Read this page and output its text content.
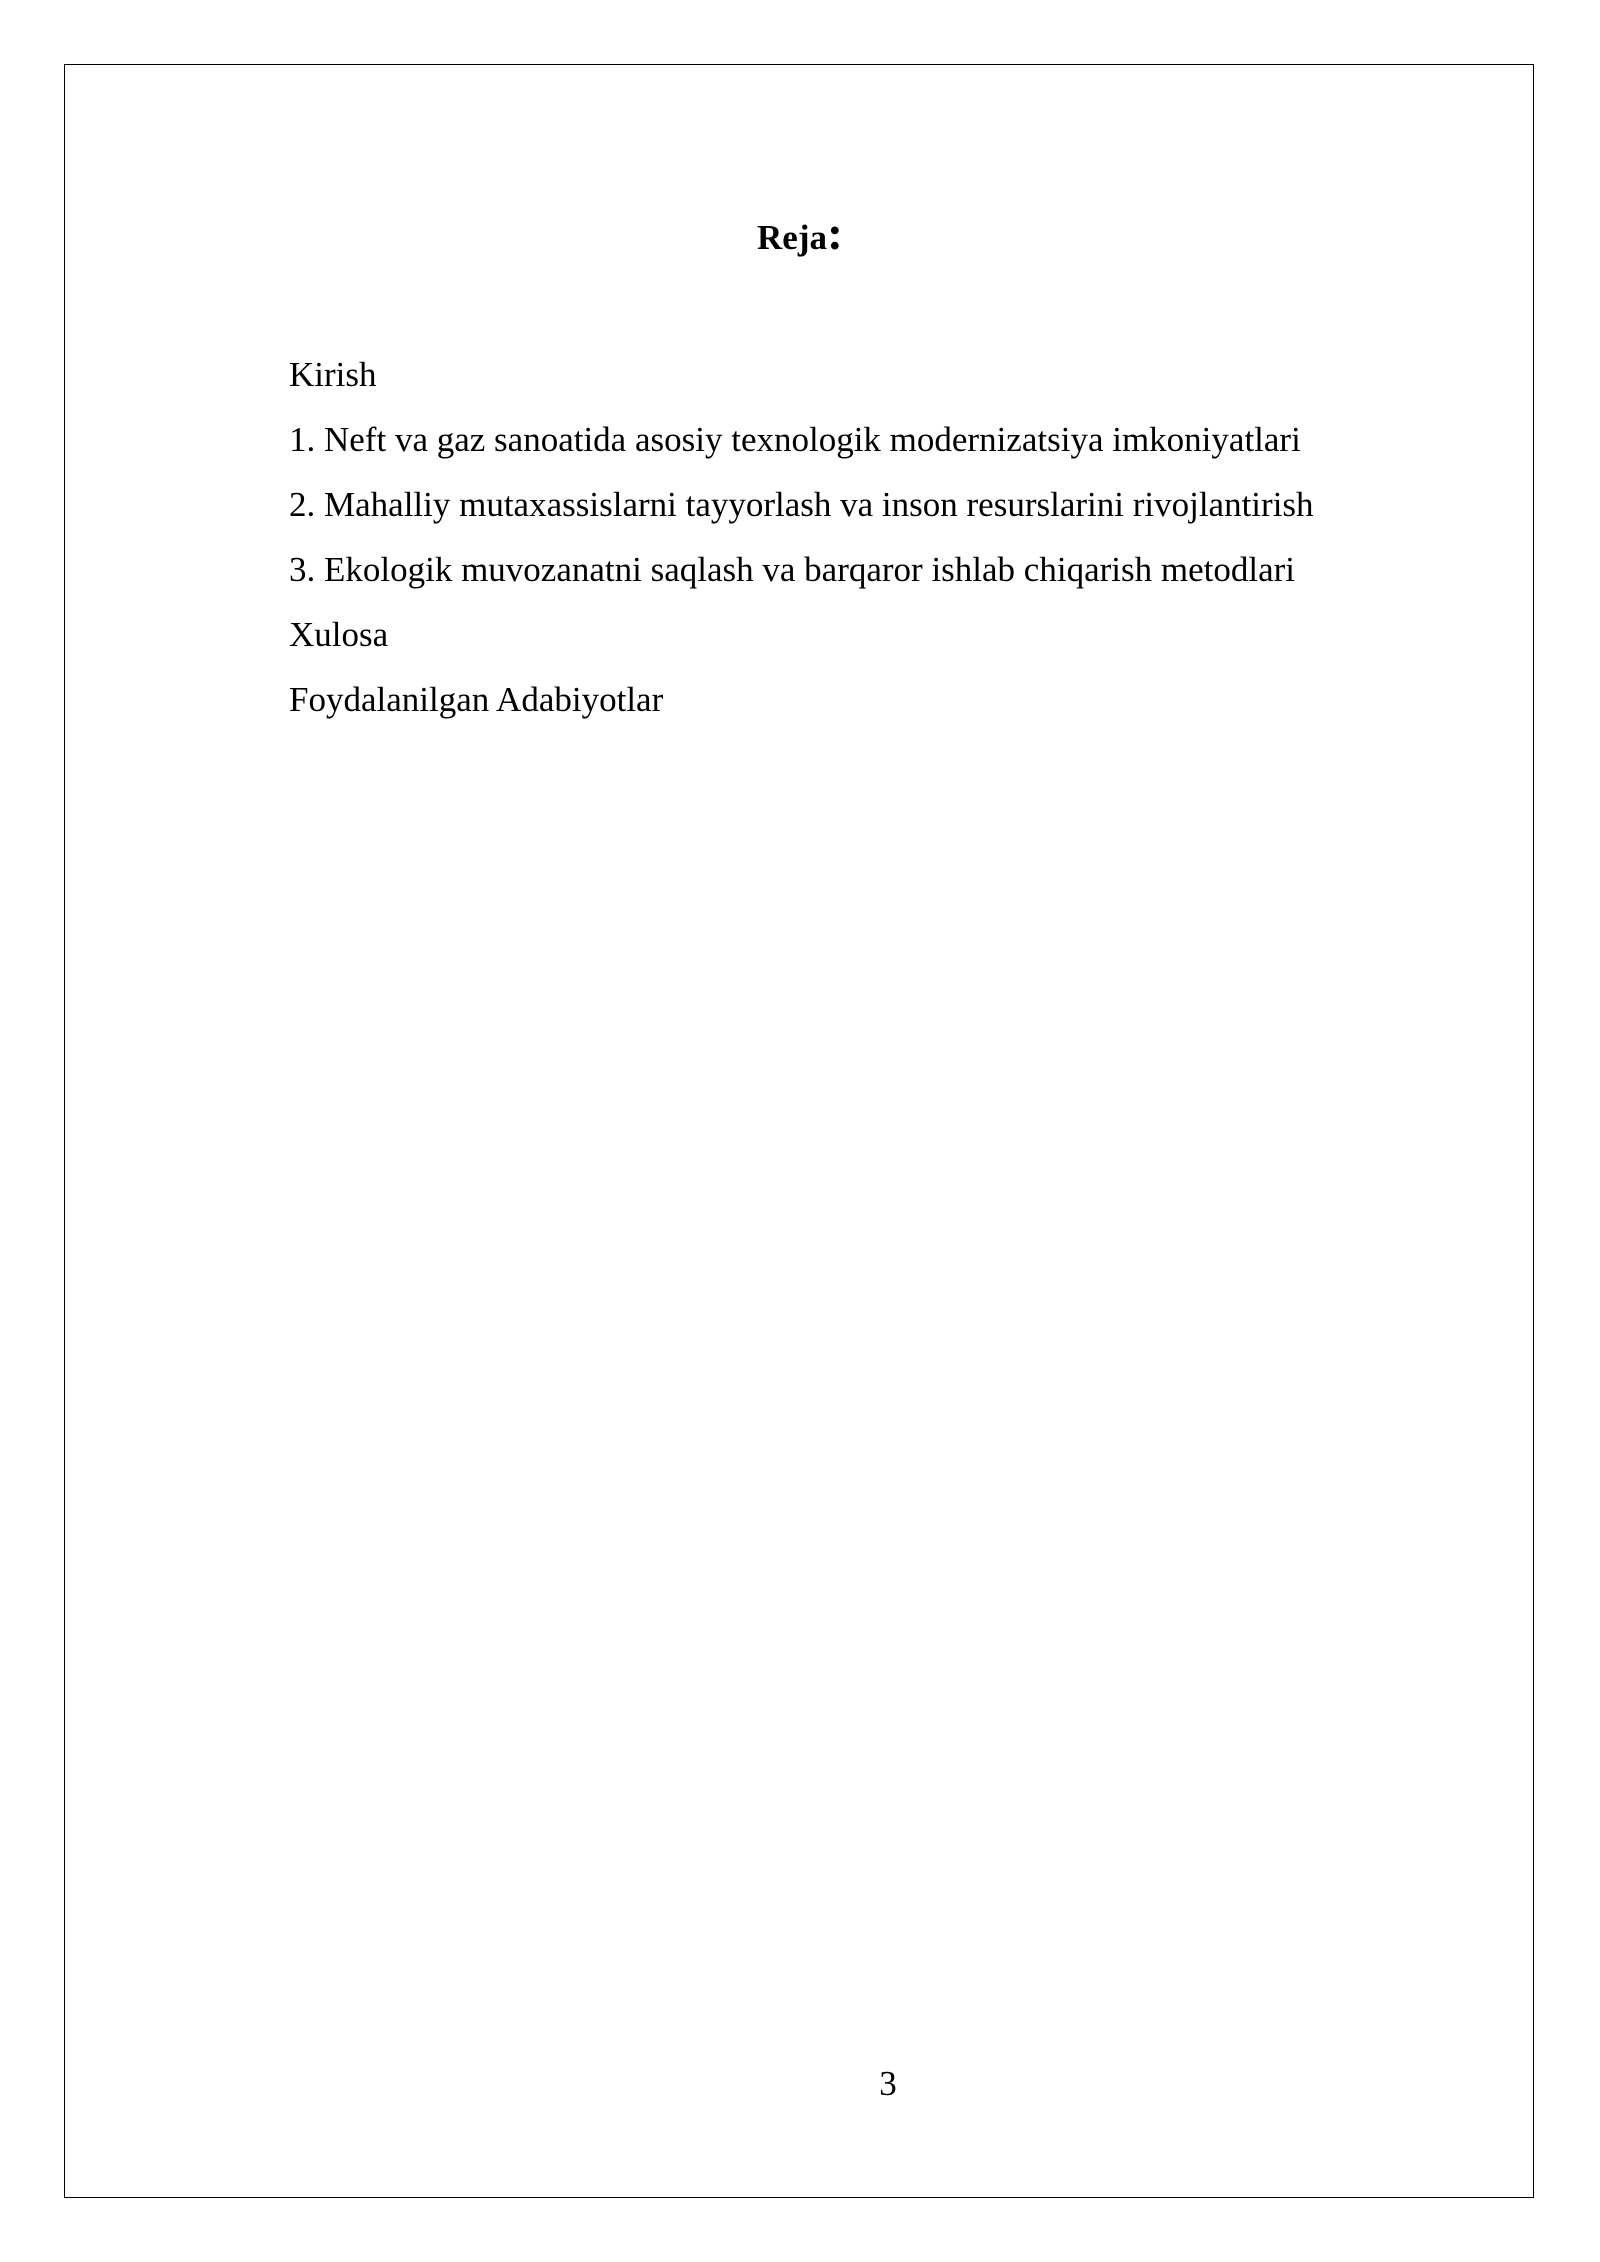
Reja:
Kirish
1. Neft va gaz sanoatida asosiy texnologik modernizatsiya imkoniyatlari
2. Mahalliy mutaxassislarni tayyorlash va inson resurslarini rivojlantirish
3. Ekologik muvozanatni saqlash va barqaror ishlab chiqarish metodlari
Xulosa
Foydalanilgan Adabiyotlar
3
